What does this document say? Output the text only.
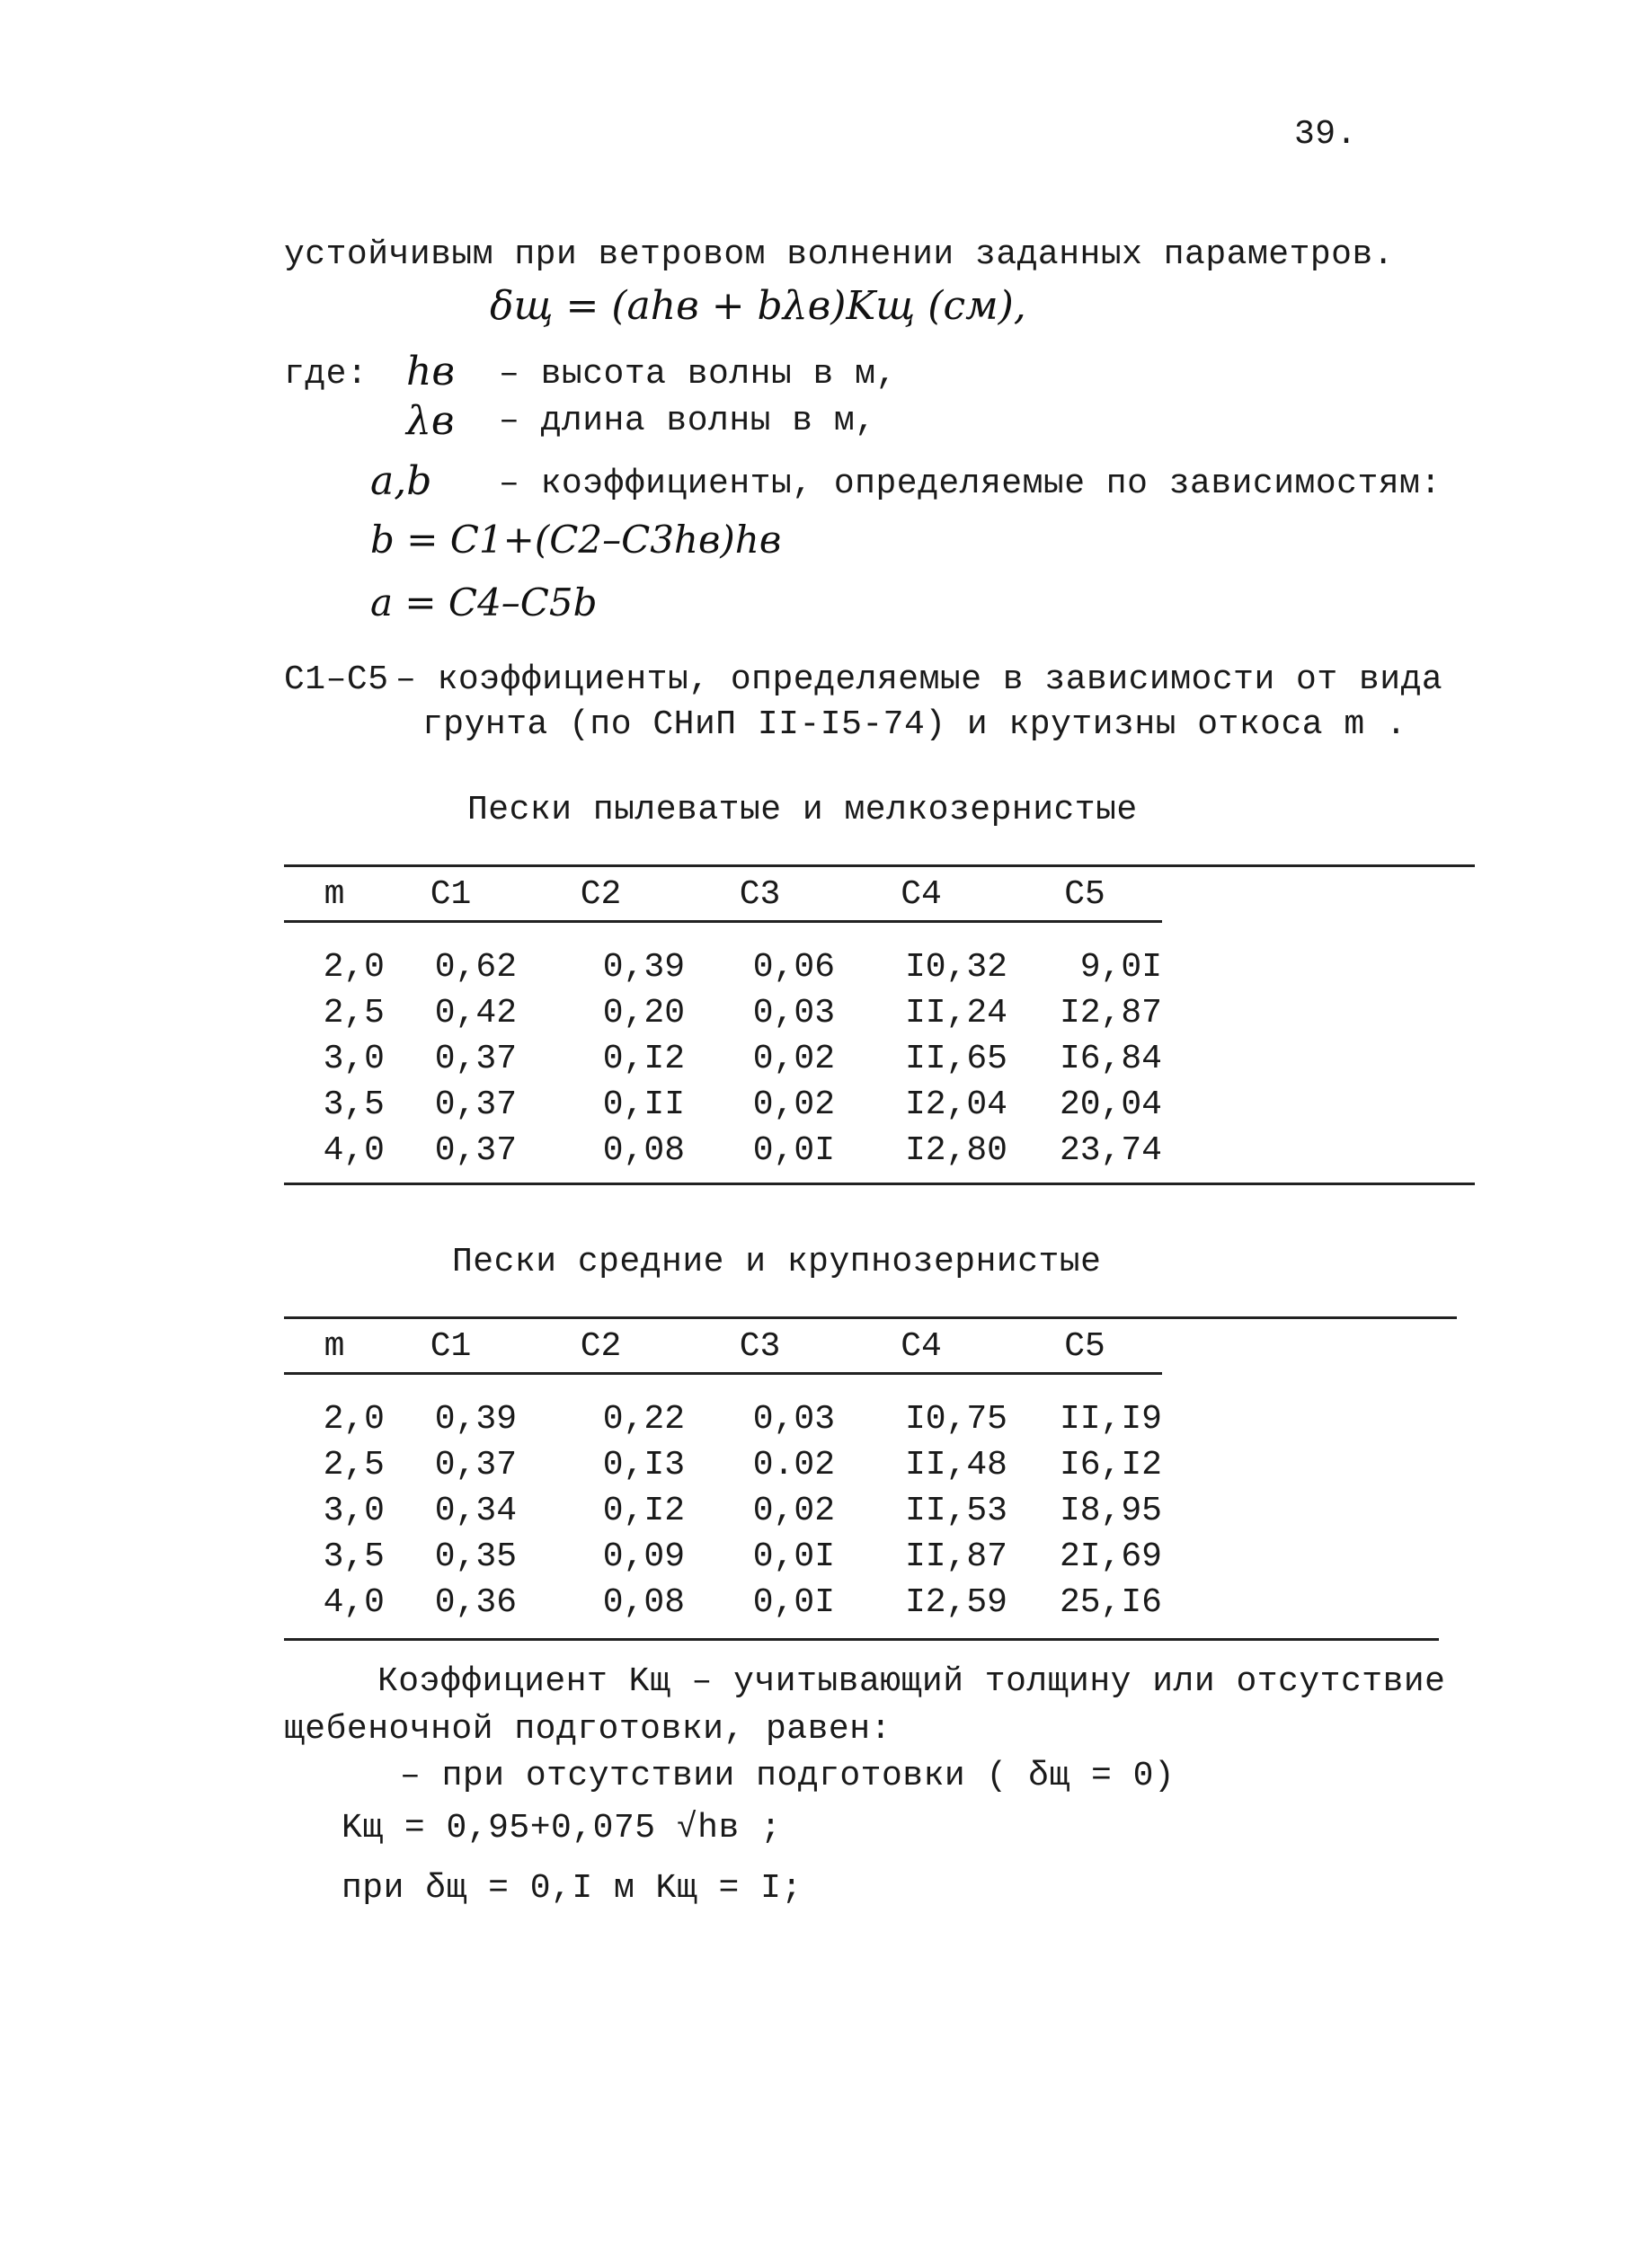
39.
устойчивым при ветровом волнении заданных параметров.
δщ = (ahв + bλв)Kщ (см),
где: hв – высота волны в м,
λв – длина волны в м,
a,b – коэффициенты, определяемые по зависимостям:
b = C1+(C2–C3hв)hв
a = C4–C5b
C1–C5 – коэффициенты, определяемые в зависимости от вида
грунта (по СНиП II-I5-74) и крутизны откоса m .
Пески пылеватые и мелкозернистые
m	C1	C2	C3	C4	C5

2,0	0,62	0,39	0,06	I0,32	9,0I
2,5	0,42	0,20	0,03	II,24	I2,87
3,0	0,37	0,I2	0,02	II,65	I6,84
3,5	0,37	0,II	0,02	I2,04	20,04
4,0	0,37	0,08	0,0I	I2,80	23,74
Пески средние и крупнозернистые
m	C1	C2	C3	C4	C5

2,0	0,39	0,22	0,03	I0,75	II,I9
2,5	0,37	0,I3	0.02	II,48	I6,I2
3,0	0,34	0,I2	0,02	II,53	I8,95
3,5	0,35	0,09	0,0I	II,87	2I,69
4,0	0,36	0,08	0,0I	I2,59	25,I6
Коэффициент Kщ – учитывающий толщину или отсутствие
щебеночной подготовки, равен:
– при отсутствии подготовки ( δщ = 0)
Kщ = 0,95+0,075 √hв ;
при δщ = 0,I м Kщ = I;
